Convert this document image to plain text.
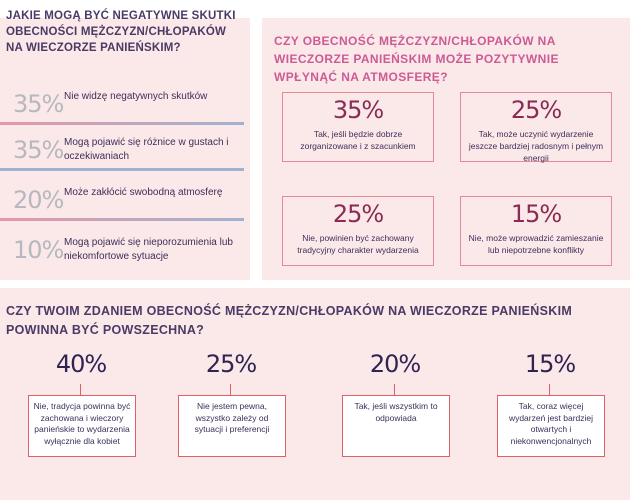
JAKIE MOGĄ BYĆ NEGATYWNE SKUTKI OBECNOŚCI MĘŻCZYZN/CHŁOPAKÓW NA WIECZORZE PANIEŃSKIM?
35% Nie widzę negatywnych skutków
35% Mogą pojawić się różnice w gustach i oczekiwaniach
20% Może zakłócić swobodną atmosferę
10% Mogą pojawić się nieporozumienia lub niekomfortowe sytuacje
CZY OBECNOŚĆ MĘŻCZYZN/CHŁOPAKÓW NA WIECZORZE PANIEŃSKIM MOŻE POZYTYWNIE WPŁYNĄĆ NA ATMOSFERĘ?
35%
Tak, jeśli będzie dobrze zorganizowane i z szacunkiem
25%
Tak, może uczynić wydarzenie jeszcze bardziej radosnym i pełnym energii
25%
Nie, powinien być zachowany tradycyjny charakter wydarzenia
15%
Nie, może wprowadzić zamieszanie lub niepotrzebne konflikty
CZY TWOIM ZDANIEM OBECNOŚĆ MĘŻCZYZN/CHŁOPAKÓW NA WIECZORZE PANIEŃSKIM POWINNA BYĆ POWSZECHNA?
40%
Nie, tradycja powinna być zachowana i wieczory panieńskie to wydarzenia wyłącznie dla kobiet
25%
Nie jestem pewna, wszystko zależy od sytuacji i preferencji
20%
Tak, jeśli wszystkim to odpowiada
15%
Tak, coraz więcej wydarzeń jest bardziej otwartych i niekonwencjonalnych
